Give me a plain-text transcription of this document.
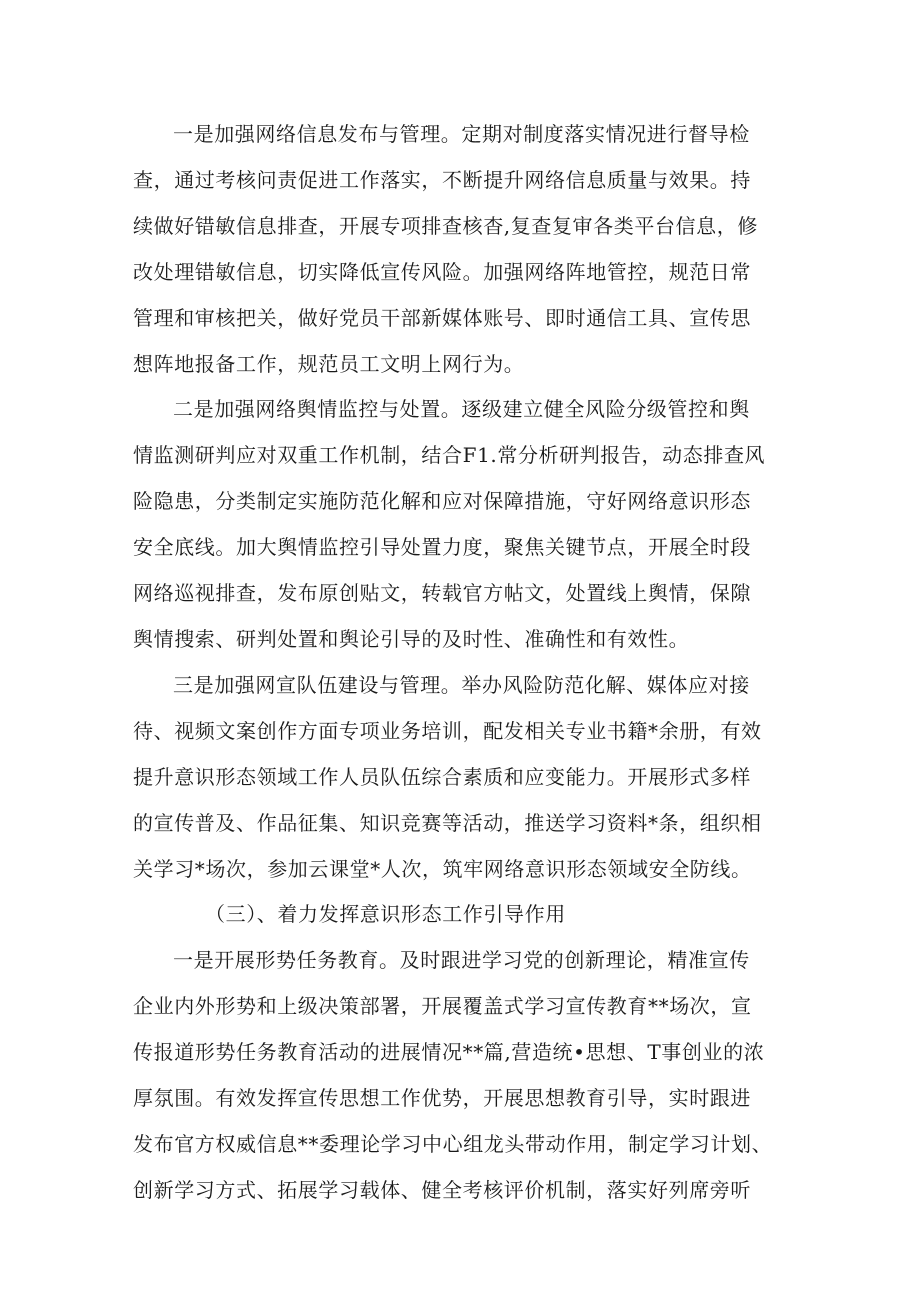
一是加强网络信息发布与管理。定期对制度落实情况进行督导检
查，通过考核问责促进工作落实，不断提升网络信息质量与效果。持
续做好错敏信息排查，开展专项排查核杳,复查复审各类平台信息，修
改处理错敏信息，切实降低宣传风险。加强网络阵地管控，规范日常
管理和审核把关，做好党员干部新媒体账号、即时通信工具、宣传思
想阵地报备工作，规范员工文明上网行为。

二是加强网络舆情监控与处置。逐级建立健全风险分级管控和舆
情监测研判应对双重工作机制，结合F1.常分析研判报告，动态排查风
险隐患，分类制定实施防范化解和应对保障措施，守好网络意识形态
安全底线。加大舆情监控引导处置力度，聚焦关键节点，开展全时段
网络巡视排查，发布原创贴文，转载官方帖文，处置线上舆情，保隙
舆情搜索、研判处置和舆论引导的及时性、准确性和有效性。

三是加强网宣队伍建设与管理。举办风险防范化解、媒体应对接
待、视频文案创作方面专项业务培训，配发相关专业书籍*余册，有效
提升意识形态领域工作人员队伍综合素质和应变能力。开展形式多样
的宣传普及、作品征集、知识竞赛等活动，推送学习资料*条，组织相
关学习*场次，参加云课堂*人次，筑牢网络意识形态领域安全防线。

（三）、着力发挥意识形态工作引导作用

一是开展形势任务教育。及时跟进学习党的创新理论，精准宣传
企业内外形势和上级决策部署，开展覆盖式学习宣传教育**场次，宣
传报道形势任务教育活动的进展情况**篇,营造统•思想、T事创业的浓
厚氛围。有效发挥宣传思想工作优势，开展思想教育引导，实时跟进
发布官方权威信息**委理论学习中心组龙头带动作用，制定学习计划、
创新学习方式、拓展学习载体、健全考核评价机制，落实好列席旁听
